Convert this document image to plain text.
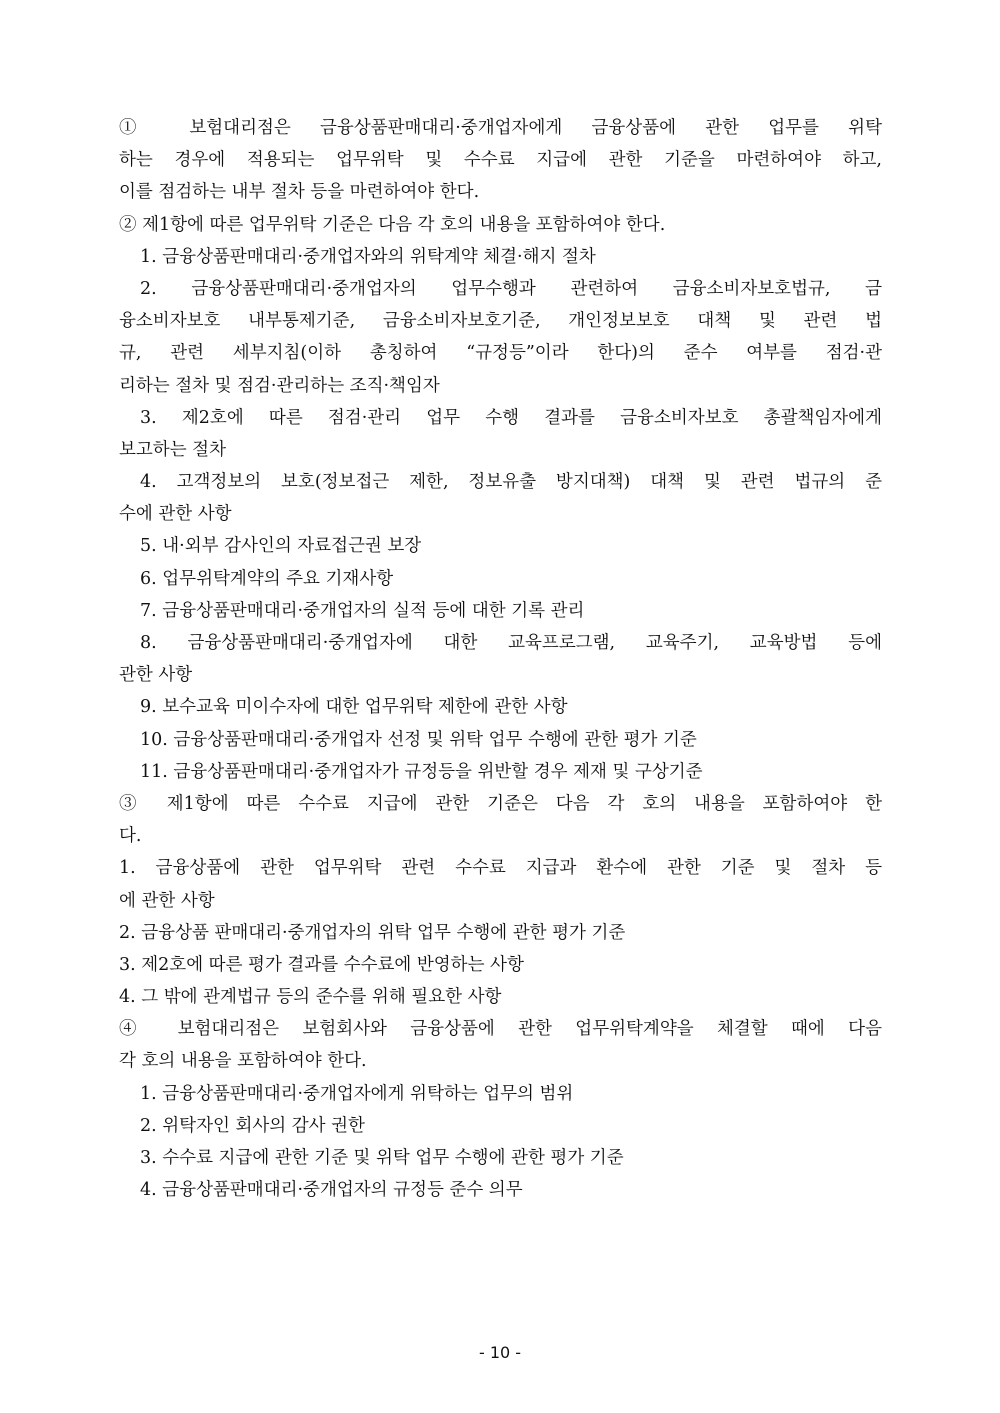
① 보험대리점은 금융상품판매대리·중개업자에게 금융상품에 관한 업무를 위탁
하는 경우에 적용되는 업무위탁 및 수수료 지급에 관한 기준을 마련하여야 하고,
이를 점검하는 내부 절차 등을 마련하여야 한다.
② 제1항에 따른 업무위탁 기준은 다음 각 호의 내용을 포함하여야 한다.
1. 금융상품판매대리·중개업자와의 위탁계약 체결·해지 절차
2. 금융상품판매대리·중개업자의 업무수행과 관련하여 금융소비자보호법규, 금
융소비자보호 내부통제기준, 금융소비자보호기준, 개인정보보호 대책 및 관련 법
규, 관련 세부지침(이하 총칭하여 “규정등”이라 한다)의 준수 여부를 점검·관
리하는 절차 및 점검·관리하는 조직·책임자
3. 제2호에 따른 점검·관리 업무 수행 결과를 금융소비자보호 총괄책임자에게
보고하는 절차
4. 고객정보의 보호(정보접근 제한, 정보유출 방지대책) 대책 및 관련 법규의 준
수에 관한 사항
5. 내·외부 감사인의 자료접근권 보장
6. 업무위탁계약의 주요 기재사항
7. 금융상품판매대리·중개업자의 실적 등에 대한 기록 관리
8. 금융상품판매대리·중개업자에 대한 교육프로그램, 교육주기, 교육방법 등에
관한 사항
9. 보수교육 미이수자에 대한 업무위탁 제한에 관한 사항
10. 금융상품판매대리·중개업자 선정 및 위탁 업무 수행에 관한 평가 기준
11. 금융상품판매대리·중개업자가 규정등을 위반할 경우 제재 및 구상기준
③ 제1항에 따른 수수료 지급에 관한 기준은 다음 각 호의 내용을 포함하여야 한
다.
1. 금융상품에 관한 업무위탁 관련 수수료 지급과 환수에 관한 기준 및 절차 등
에 관한 사항
2. 금융상품 판매대리·중개업자의 위탁 업무 수행에 관한 평가 기준
3. 제2호에 따른 평가 결과를 수수료에 반영하는 사항
4. 그 밖에 관계법규 등의 준수를 위해 필요한 사항
④ 보험대리점은 보험회사와 금융상품에 관한 업무위탁계약을 체결할 때에 다음
각 호의 내용을 포함하여야 한다.
1. 금융상품판매대리·중개업자에게 위탁하는 업무의 범위
2. 위탁자인 회사의 감사 권한
3. 수수료 지급에 관한 기준 및 위탁 업무 수행에 관한 평가 기준
4. 금융상품판매대리·중개업자의 규정등 준수 의무
- 10 -
